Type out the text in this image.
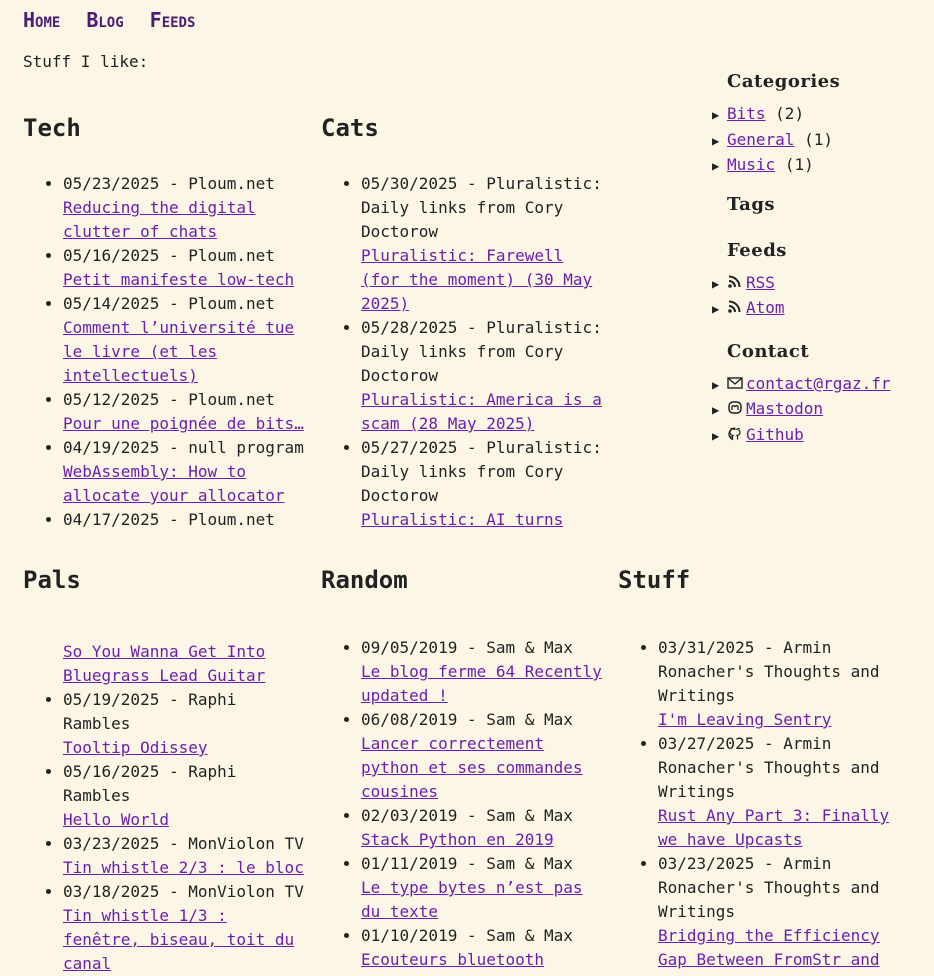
Home Blog Feeds

Stuff I like:

Tech
• 05/23/2025 - Ploum.net
Reducing the digital clutter of chats
• 05/16/2025 - Ploum.net
Petit manifeste low-tech
• 05/14/2025 - Ploum.net
Comment l’université tue le livre (et les intellectuels)
• 05/12/2025 - Ploum.net
Pour une poignée de bits…
• 04/19/2025 - null program
WebAssembly: How to allocate your allocator
• 04/17/2025 - Ploum.net
Cats
• 05/30/2025 - Pluralistic: Daily links from Cory Doctorow
Pluralistic: Farewell (for the moment) (30 May 2025)
• 05/28/2025 - Pluralistic: Daily links from Cory Doctorow
Pluralistic: America is a scam (28 May 2025)
• 05/27/2025 - Pluralistic: Daily links from Cory Doctorow
Pluralistic: AI turns
Pals
So You Wanna Get Into Bluegrass Lead Guitar
• 05/19/2025 - Raphi Rambles
Tooltip Odissey
• 05/16/2025 - Raphi Rambles
Hello World
• 03/23/2025 - MonViolon TV
Tin whistle 2/3 : le bloc
• 03/18/2025 - MonViolon TV
Tin whistle 1/3 : fenêtre, biseau, toit du canal
Random
• 09/05/2019 - Sam & Max
Le blog ferme 64 Recently updated !
• 06/08/2019 - Sam & Max
Lancer correctement python et ses commandes cousines
• 02/03/2019 - Sam & Max
Stack Python en 2019
• 01/11/2019 - Sam & Max
Le type bytes n’est pas du texte
• 01/10/2019 - Sam & Max
Ecouteurs bluetooth
Stuff
• 03/31/2025 - Armin Ronacher's Thoughts and Writings
I'm Leaving Sentry
• 03/27/2025 - Armin Ronacher's Thoughts and Writings
Rust Any Part 3: Finally we have Upcasts
• 03/23/2025 - Armin Ronacher's Thoughts and Writings
Bridging the Efficiency Gap Between FromStr and
Categories
▶ Bits (2)
▶ General (1)
▶ Music (1)
Tags
Feeds
▶ RSS
▶ Atom
Contact
▶ contact@rgaz.fr
▶ Mastodon
▶ Github
